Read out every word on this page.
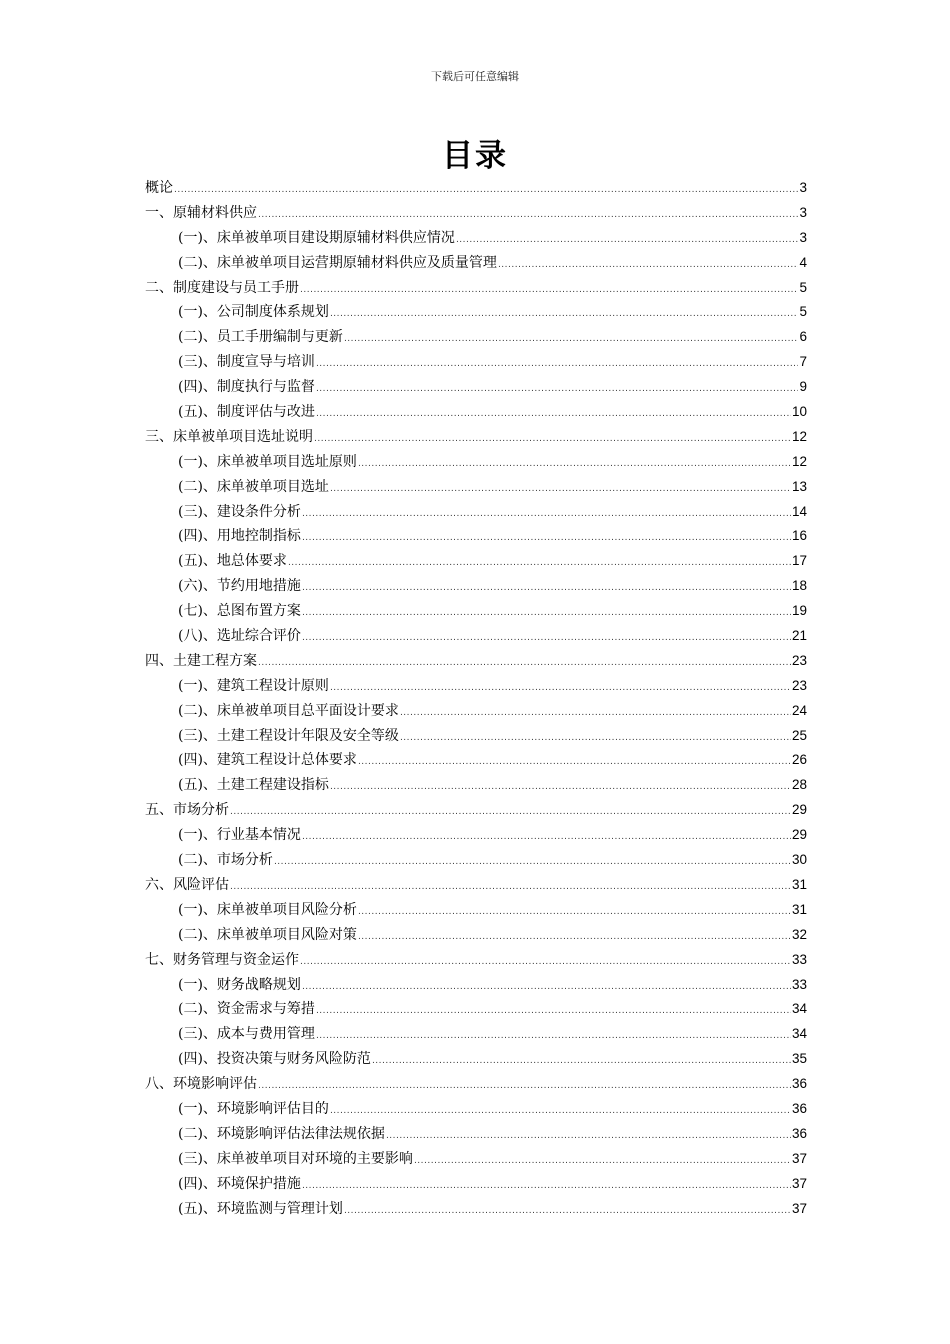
下载后可任意编辑
目录
概论 .....	3
一、原辅材料供应 .....	3
(一)、床单被单项目建设期原辅材料供应情况 .....	3
(二)、床单被单项目运营期原辅材料供应及质量管理 .....	4
二、制度建设与员工手册 .....	5
(一)、公司制度体系规划 .....	5
(二)、员工手册编制与更新 .....	6
(三)、制度宣导与培训 .....	7
(四)、制度执行与监督 .....	9
(五)、制度评估与改进 .....	10
三、床单被单项目选址说明 .....	12
(一)、床单被单项目选址原则 .....	12
(二)、床单被单项目选址 .....	13
(三)、建设条件分析 .....	14
(四)、用地控制指标 .....	16
(五)、地总体要求 .....	17
(六)、节约用地措施 .....	18
(七)、总图布置方案 .....	19
(八)、选址综合评价 .....	21
四、土建工程方案 .....	23
(一)、建筑工程设计原则 .....	23
(二)、床单被单项目总平面设计要求 .....	24
(三)、土建工程设计年限及安全等级 .....	25
(四)、建筑工程设计总体要求 .....	26
(五)、土建工程建设指标 .....	28
五、市场分析 .....	29
(一)、行业基本情况 .....	29
(二)、市场分析 .....	30
六、风险评估 .....	31
(一)、床单被单项目风险分析 .....	31
(二)、床单被单项目风险对策 .....	32
七、财务管理与资金运作 .....	33
(一)、财务战略规划 .....	33
(二)、资金需求与筹措 .....	34
(三)、成本与费用管理 .....	34
(四)、投资决策与财务风险防范 .....	35
八、环境影响评估 .....	36
(一)、环境影响评估目的 .....	36
(二)、环境影响评估法律法规依据 .....	36
(三)、床单被单项目对环境的主要影响 .....	37
(四)、环境保护措施 .....	37
(五)、环境监测与管理计划 .....	37
